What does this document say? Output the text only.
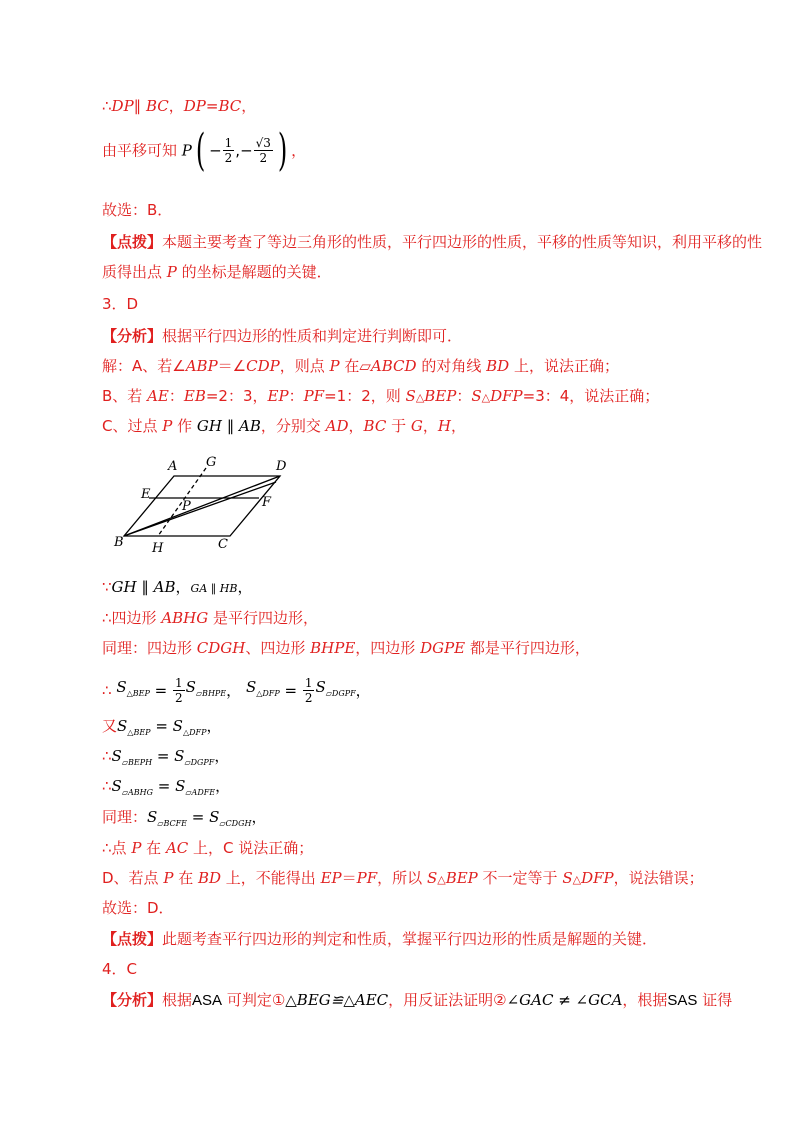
∴DP∥ BC，DP=BC，
由平移可知 $P( - \frac{1}{2}$ ,− $\frac{√3}{2}$ ) ，
故选：B．
【点拨】本题主要考查了等边三角形的性质，平行四边形的性质，平移的性质等知识，利用平移的性
质得出点 P 的坐标是解题的关键．
3．D
【分析】根据平行四边形的性质和判定进行判断即可．
解：A、若∠ABP＝∠CDP，则点 P 在▱ABCD 的对角线 BD 上，说法正确；
B、若 AE：EB=2：3，EP：PF=1：2，则 S△BEP：S△DFP=3：4，说法正确；
C、过点 P 作 GH ∥ AB，分别交 AD，BC 于 G，H，
A G	D
E
P	F
B H	C
∵GH ∥ AB，GA ∥ HB，
∴四边形 ABHG 是平行四边形，
同理：四边形 CDGH、四边形 BHPE，四边形 DGPE 都是平行四边形，
∴ $S_{\triangle BEP} = \frac{1}{2} S_{▱BHPE}$， $S_{\triangle DFP} = \frac{1}{2} S_{▱DGPF}$，
又$S_{\triangle BEP} = S_{\triangle DFP}$，
$\therefore S_{▱BEPH} = S_{▱DGPF}$，
$\therefore S_{▱ABHG} = S_{▱ADFE}$，
同理：$S_{▱BCFE} = S_{▱CDGH}$，
∴点 P 在 AC 上，C 说法正确；
D、若点 P 在 BD 上，不能得出 EP＝PF，所以 S△BEP 不一定等于 S△DFP，说法错误；
故选：D．
【点拨】此题考查平行四边形的判定和性质，掌握平行四边形的性质是解题的关键．
4．C
【分析】根据ASA 可判定①△BEG≌△AEC，用反证法证明②∠GAC ≠ ∠GCA，根据SAS 证得
